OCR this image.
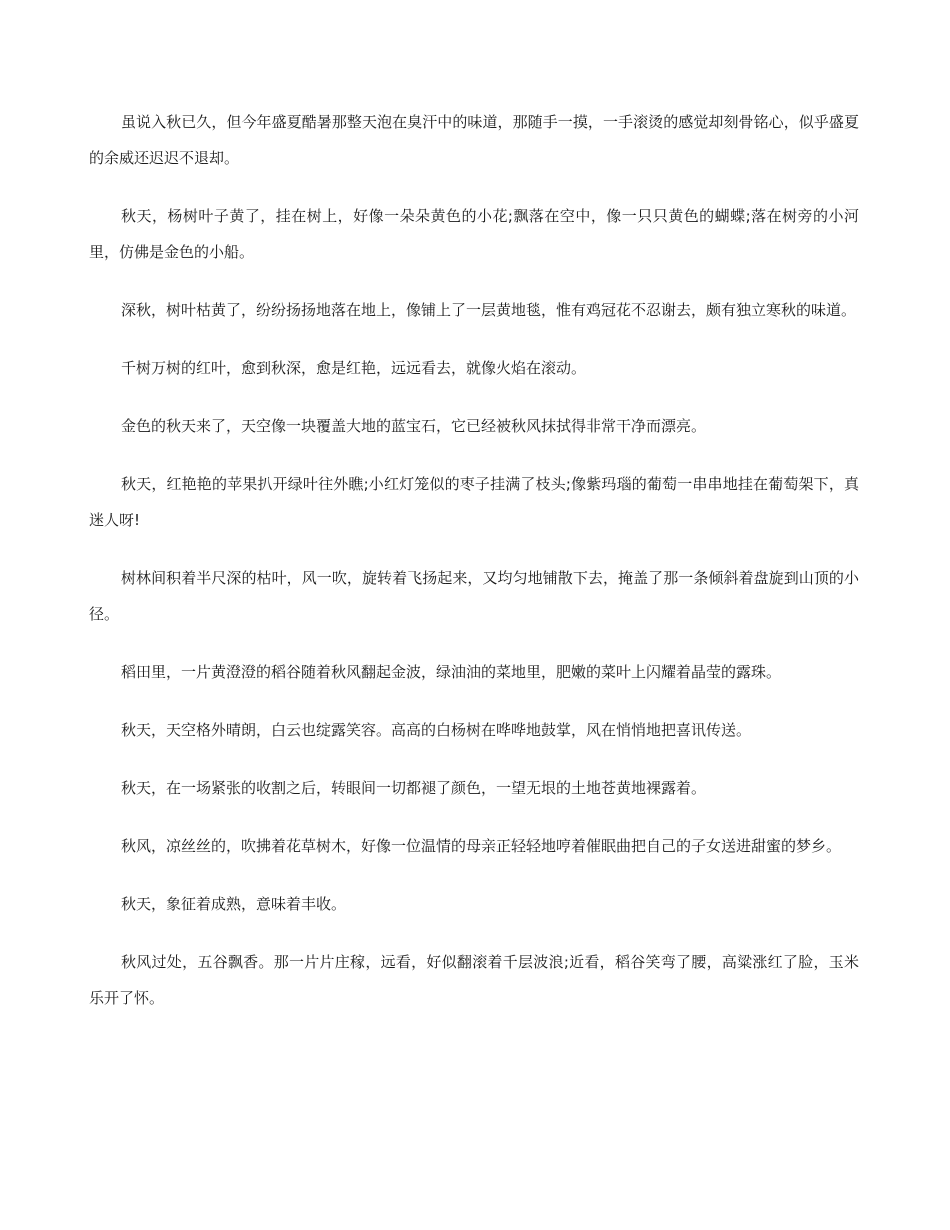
虽说入秋已久，但今年盛夏酷暑那整天泡在臭汗中的味道，那随手一摸，一手滚烫的感觉却刻骨铭心，似乎盛夏的余威还迟迟不退却。

秋天，杨树叶子黄了，挂在树上，好像一朵朵黄色的小花;飘落在空中，像一只只黄色的蝴蝶;落在树旁的小河里，仿佛是金色的小船。

深秋，树叶枯黄了，纷纷扬扬地落在地上，像铺上了一层黄地毯，惟有鸡冠花不忍谢去，颇有独立寒秋的味道。

千树万树的红叶，愈到秋深，愈是红艳，远远看去，就像火焰在滚动。

金色的秋天来了，天空像一块覆盖大地的蓝宝石，它已经被秋风抹拭得非常干净而漂亮。

秋天，红艳艳的苹果扒开绿叶往外瞧;小红灯笼似的枣子挂满了枝头;像紫玛瑙的葡萄一串串地挂在葡萄架下，真迷人呀!

树林间积着半尺深的枯叶，风一吹，旋转着飞扬起来，又均匀地铺散下去，掩盖了那一条倾斜着盘旋到山顶的小径。

稻田里，一片黄澄澄的稻谷随着秋风翻起金波，绿油油的菜地里，肥嫩的菜叶上闪耀着晶莹的露珠。

秋天，天空格外晴朗，白云也绽露笑容。高高的白杨树在哗哗地鼓掌，风在悄悄地把喜讯传送。

秋天，在一场紧张的收割之后，转眼间一切都褪了颜色，一望无垠的土地苍黄地裸露着。

秋风，凉丝丝的，吹拂着花草树木，好像一位温情的母亲正轻轻地哼着催眠曲把自己的子女送进甜蜜的梦乡。

秋天，象征着成熟，意味着丰收。

秋风过处，五谷飘香。那一片片庄稼，远看，好似翻滚着千层波浪;近看，稻谷笑弯了腰，高粱涨红了脸，玉米乐开了怀。
